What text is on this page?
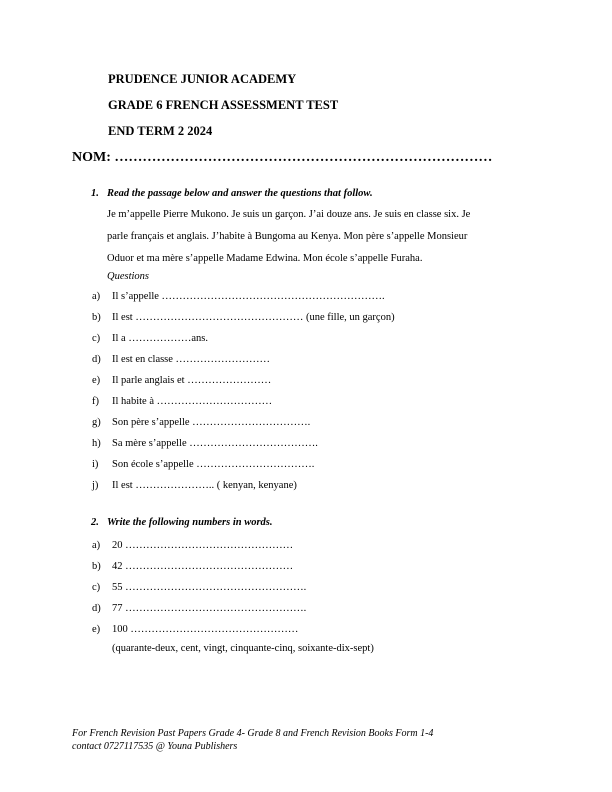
PRUDENCE JUNIOR ACADEMY
GRADE 6 FRENCH ASSESSMENT TEST
END TERM 2 2024
NOM: ………………………………………………………………………
1. Read the passage below and answer the questions that follow.
Je m’appelle Pierre Mukono. Je suis un garçon. J’ai douze ans. Je suis en classe six. Je
parle français et anglais. J’habite à Bungoma au Kenya. Mon père s’appelle Monsieur
Oduor et ma mère s’appelle Madame Edwina. Mon école s’appelle Furaha.
Questions
a) Il s’appelle ……………………………………………………….
b) Il est ………………………………………… (une fille, un garçon)
c) Il a ………………ans.
d) Il est en classe ………………………
e) Il parle anglais et ……………………
f) Il habite à ……………………………
g) Son père s’appelle …………………………….
h) Sa mère s’appelle ……………………………….
i) Son école s’appelle …………………………….
j) Il est ………………….. ( kenyan, kenyane)
2. Write the following numbers in words.
a) 20 …………………………………………
b) 42 …………………………………………
c) 55 …………………………………………….
d) 77 …………………………………………….
e) 100 …………………………………………
(quarante-deux, cent, vingt, cinquante-cinq, soixante-dix-sept)
For French Revision Past Papers Grade 4- Grade 8 and French Revision Books Form 1-4
contact 0727117535 @ Youna Publishers
